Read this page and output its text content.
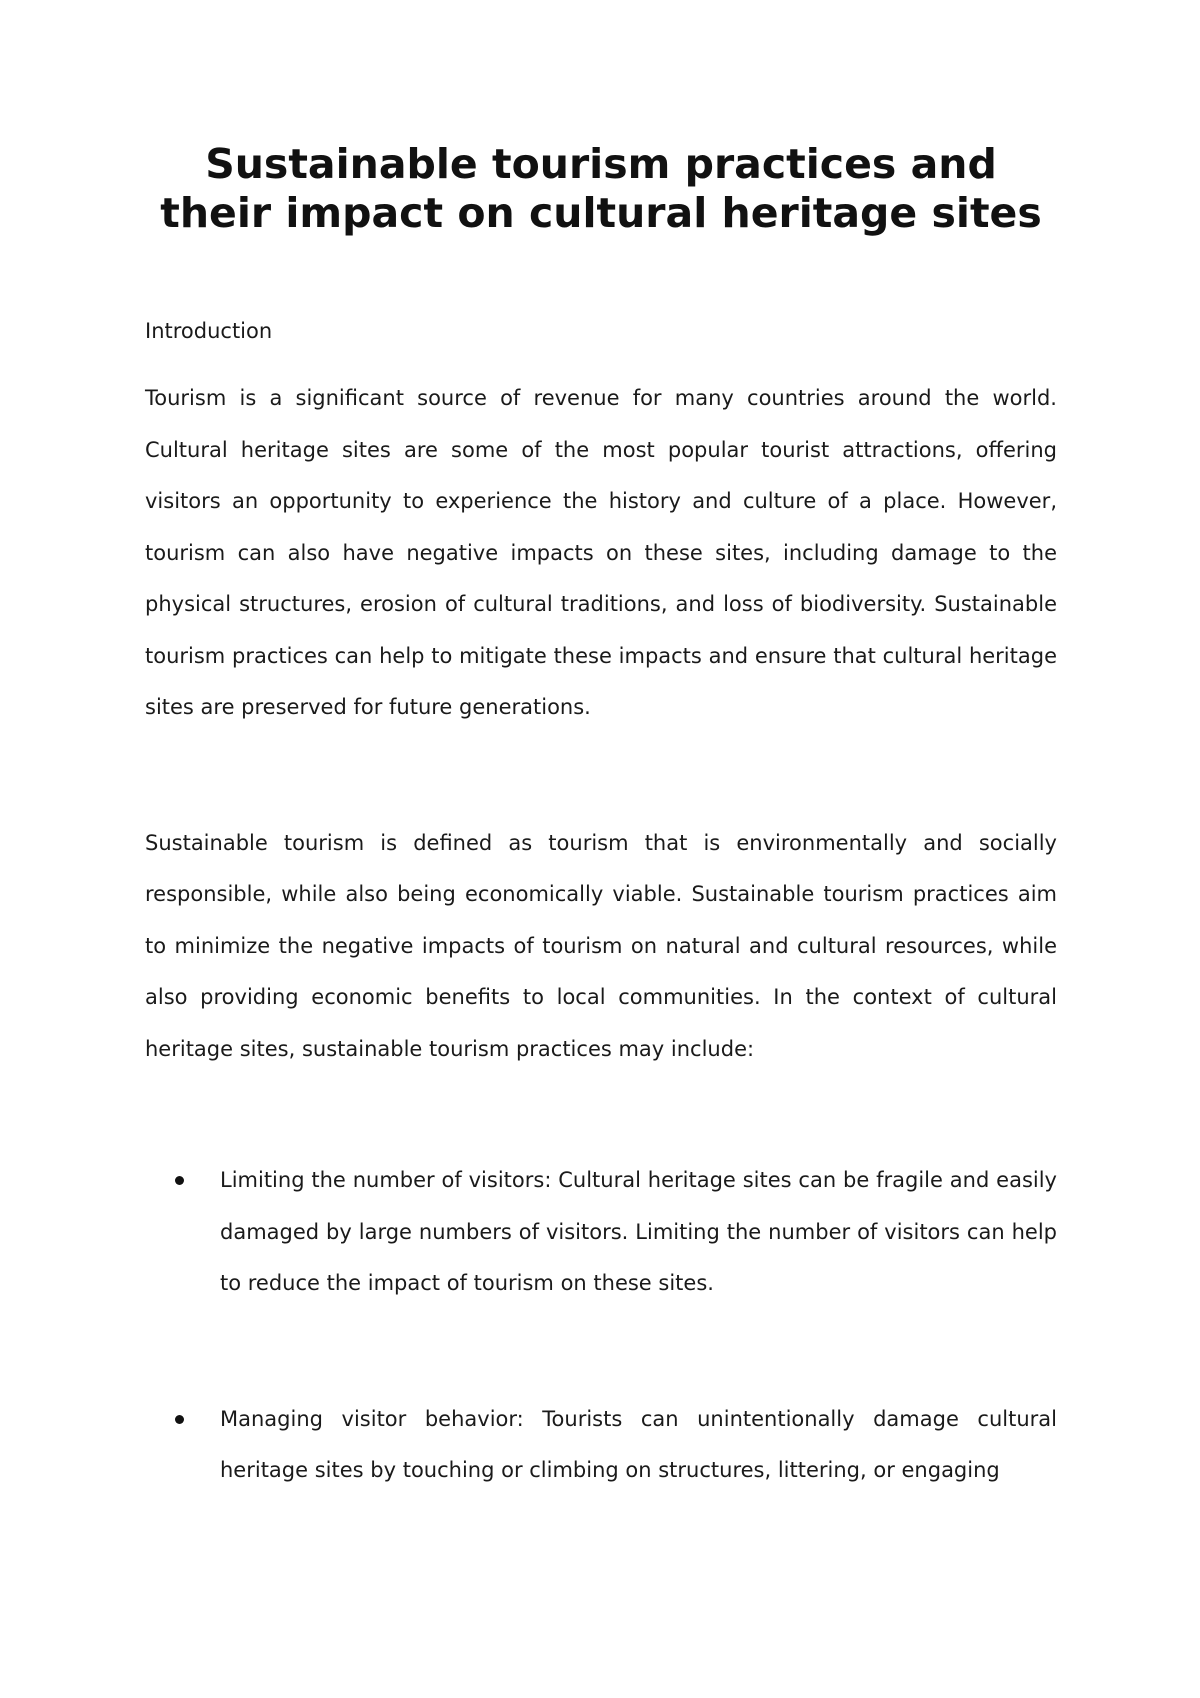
Sustainable tourism practices and their impact on cultural heritage sites
Introduction

Tourism is a significant source of revenue for many countries around the world. Cultural heritage sites are some of the most popular tourist attractions, offering visitors an opportunity to experience the history and culture of a place. However, tourism can also have negative impacts on these sites, including damage to the physical structures, erosion of cultural traditions, and loss of biodiversity. Sustainable tourism practices can help to mitigate these impacts and ensure that cultural heritage sites are preserved for future generations.

Sustainable tourism is defined as tourism that is environmentally and socially responsible, while also being economically viable. Sustainable tourism practices aim to minimize the negative impacts of tourism on natural and cultural resources, while also providing economic benefits to local communities. In the context of cultural heritage sites, sustainable tourism practices may include:

Limiting the number of visitors: Cultural heritage sites can be fragile and easily damaged by large numbers of visitors. Limiting the number of visitors can help to reduce the impact of tourism on these sites.
Managing visitor behavior: Tourists can unintentionally damage cultural heritage sites by touching or climbing on structures, littering, or engaging
